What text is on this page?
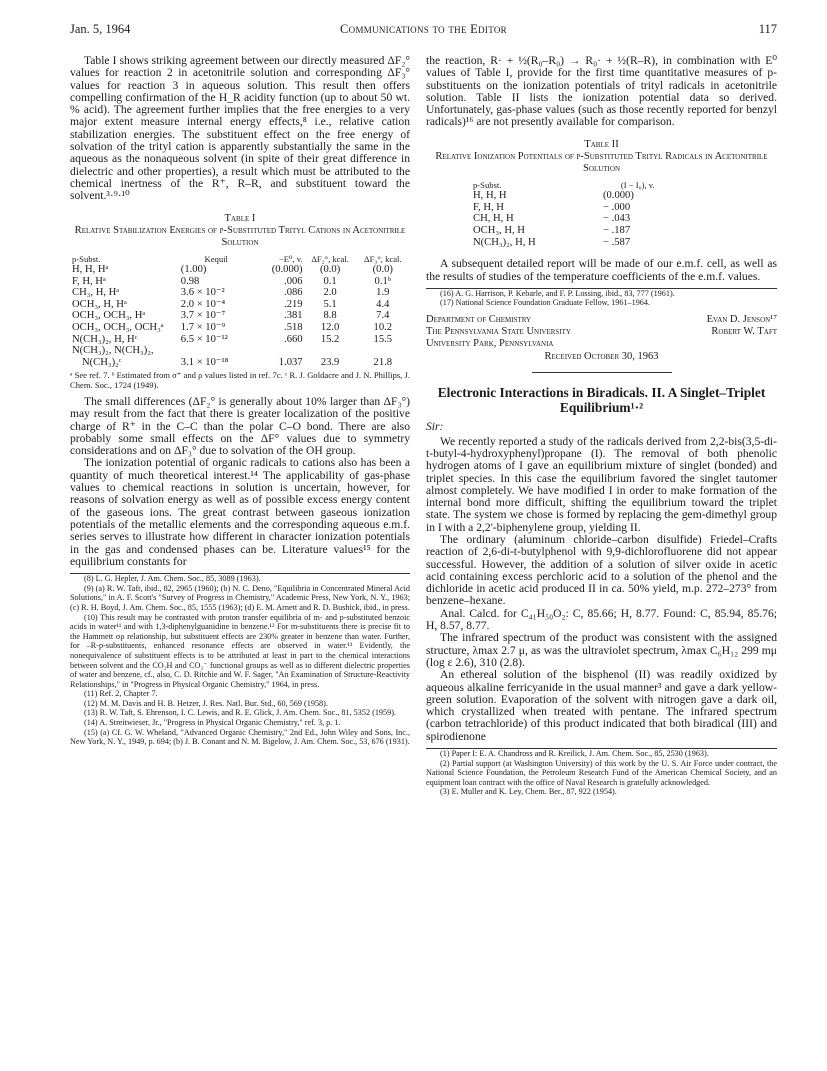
Jan. 5, 1964	Communications to the Editor	117

Table I shows striking agreement between our directly measured ΔF₂° values for reaction 2 in acetonitrile solution and corresponding ΔF₃° values for reaction 3 in aqueous solution. This result then offers compelling confirmation of the H_R acidity function (up to about 50 wt. % acid). The agreement further implies that the free energies to a very major extent measure internal energy effects,⁸ i.e., relative cation stabilization energies. The substituent effect on the free energy of solvation of the trityl cation is apparently substantially the same in the aqueous as the nonaqueous solvent (in spite of their great difference in dielectric and other properties), a result which must be attributed to the chemical inertness of the R⁺, R–R, and substituent toward the solvent.³·⁹·¹⁰

Table I
Relative Stabilization Energies of p-Substituted Trityl Cations in Acetonitrile Solution
p-Subst.	Kequil	−E⁰, v.	ΔF₂°, kcal.	ΔF₃°, kcal.
H, H, Hᵃ	(1.00)	(0.000)	(0.0)	(0.0)
F, H, Hᵃ	0.98	.006	0.1	0.1ᵇ
CH₃, H, Hᵃ	3.6 × 10⁻²	.086	2.0	1.9
OCH₃, H, Hᵃ	2.0 × 10⁻⁴	.219	5.1	4.4
OCH₃, OCH₃, Hᵃ	3.7 × 10⁻⁷	.381	8.8	7.4
OCH₃, OCH₃, OCH₃ᵃ	1.7 × 10⁻⁹	.518	12.0	10.2
N(CH₃)₂, H, Hᶜ	6.5 × 10⁻¹²	.660	15.2	15.5
N(CH₃)₂, N(CH₃)₂,				
N(CH₃)₂ᶜ	3.1 × 10⁻¹⁸	1.037	23.9	21.8
ᵃ See ref. 7. ᵇ Estimated from σ⁺ and ρ values listed in ref. 7c. ᶜ R. J. Goldacre and J. N. Phillips, J. Chem. Soc., 1724 (1949).

The small differences (ΔF₂° is generally about 10% larger than ΔF₃°) may result from the fact that there is greater localization of the positive charge of R⁺ in the C–C than the polar C–O bond. There are also probably some small effects on the ΔF° values due to symmetry considerations and on ΔF₃° due to solvation of the OH group.

The ionization potential of organic radicals to cations also has been a quantity of much theoretical interest.¹⁴ The applicability of gas-phase values to chemical reactions in solution is uncertain, however, for reasons of solvation energy as well as of possible excess energy content of the gaseous ions. The great contrast between gaseous ionization potentials of the metallic elements and the corresponding aqueous e.m.f. series serves to illustrate how different in character ionization potentials in the gas and condensed phases can be. Literature values¹⁵ for the equilibrium constants for

(8) L. G. Hepler, J. Am. Chem. Soc., 85, 3089 (1963).
(9) (a) R. W. Taft, ibid., 82, 2965 (1960); (b) N. C. Deno, "Equilibria in Concentrated Mineral Acid Solutions," in A. F. Scott's "Survey of Progress in Chemistry," Academic Press, New York, N. Y., 1963; (c) R. H. Boyd, J. Am. Chem. Soc., 85, 1555 (1963); (d) E. M. Arnett and R. D. Bushick, ibid., in press.
(10) This result may be contrasted with proton transfer equilibria of m- and p-substituted benzoic acids in water¹¹ and with 1,3-diphenylguanidine in benzene.¹² For m-substituents there is precise fit to the Hammett σρ relationship, but substituent effects are 230% greater in benzene than water. Further, for –R-p-substituents, enhanced resonance effects are observed in water.¹³ Evidently, the nonequivalence of substituent effects is to be attributed at least in part to the chemical interactions between solvent and the CO₂H and CO₂⁻ functional groups as well as to different dielectric properties of water and benzene, cf., also, C. D. Ritchie and W. F. Sager, "An Examination of Structure-Reactivity Relationships," in "Progress in Physical Organic Chemistry," 1964, in press.
(11) Ref. 2, Chapter 7.
(12) M. M. Davis and H. B. Hetzer, J. Res. Natl. Bur. Std., 60, 569 (1958).
(13) R. W. Taft, S. Ehrenson, I. C. Lewis, and R. E. Glick, J. Am. Chem. Soc., 81, 5352 (1959).
(14) A. Streitwieser, Jr., "Progress in Physical Organic Chemistry," ref. 3, p. 1.
(15) (a) Cf. G. W. Wheland, "Advanced Organic Chemistry," 2nd Ed., John Wiley and Sons, Inc., New York, N. Y., 1949, p. 694; (b) J. B. Conant and N. M. Bigelow, J. Am. Chem. Soc., 53, 676 (1931).

the reaction, R· + ½(R₀–R₀) → R₀· + ½(R–R), in combination with E⁰ values of Table I, provide for the first time quantitative measures of p-substituents on the ionization potentials of trityl radicals in acetonitrile solution. Table II lists the ionization potential data so derived. Unfortunately, gas-phase values (such as those recently reported for benzyl radicals)¹⁶ are not presently available for comparison.

Table II
Relative Ionization Potentials of p-Substituted Trityl Radicals in Acetonitrile Solution
p-Subst.	(I − I₀), v.
H, H, H	(0.000)
F, H, H	− .000
CH, H, H	− .043
OCH₃, H, H	− .187
N(CH₃)₂, H, H	− .587

A subsequent detailed report will be made of our e.m.f. cell, as well as the results of studies of the temperature coefficients of the e.m.f. values.

(16) A. G. Harrison, P. Kebarle, and F. P. Lossing, ibid., 83, 777 (1961).
(17) National Science Foundation Graduate Fellow, 1961–1964.
Department of Chemistry	Evan D. Jenson¹⁷
The Pennsylvania State University	Robert W. Taft
University Park, Pennsylvania
Received October 30, 1963
Electronic Interactions in Biradicals. II. A Singlet–Triplet Equilibrium¹·²

Sir:

We recently reported a study of the radicals derived from 2,2-bis(3,5-di-t-butyl-4-hydroxyphenyl)propane (I). The removal of both phenolic hydrogen atoms of I gave an equilibrium mixture of singlet (bonded) and triplet species. In this case the equilibrium favored the singlet tautomer almost completely. We have modified I in order to make formation of the internal bond more difficult, shifting the equilibrium toward the triplet state. The system we chose is formed by replacing the gem-dimethyl group in I with a 2,2'-biphenylene group, yielding II.

The ordinary (aluminum chloride–carbon disulfide) Friedel–Crafts reaction of 2,6-di-t-butylphenol with 9,9-dichlorofluorene did not appear successful. However, the addition of a solution of silver oxide in acetic acid containing excess perchloric acid to a solution of the phenol and the dichloride in acetic acid produced II in ca. 50% yield, m.p. 272–273° from benzene–hexane.

Anal. Calcd. for C₄₁H₅₀O₂: C, 85.66; H, 8.77. Found: C, 85.94, 85.76; H, 8.57, 8.77.

The infrared spectrum of the product was consistent with the assigned structure, λmax 2.7 μ, as was the ultraviolet spectrum, λmax C₆H₁₂ 299 mμ (log ε 2.6), 310 (2.8).

An ethereal solution of the bisphenol (II) was readily oxidized by aqueous alkaline ferricyanide in the usual manner³ and gave a dark yellow-green solution. Evaporation of the solvent with nitrogen gave a dark oil, which crystallized when treated with pentane. The infrared spectrum (carbon tetrachloride) of this product indicated that both biradical (III) and spirodienone

(1) Paper I: E. A. Chandross and R. Kreilick, J. Am. Chem. Soc., 85, 2530 (1963).
(2) Partial support (at Washington University) of this work by the U. S. Air Force under contract, the National Science Foundation, the Petroleum Research Fund of the American Chemical Society, and an equipment loan contract with the office of Naval Research is gratefully acknowledged.
(3) E. Muller and K. Ley, Chem. Ber., 87, 922 (1954).
